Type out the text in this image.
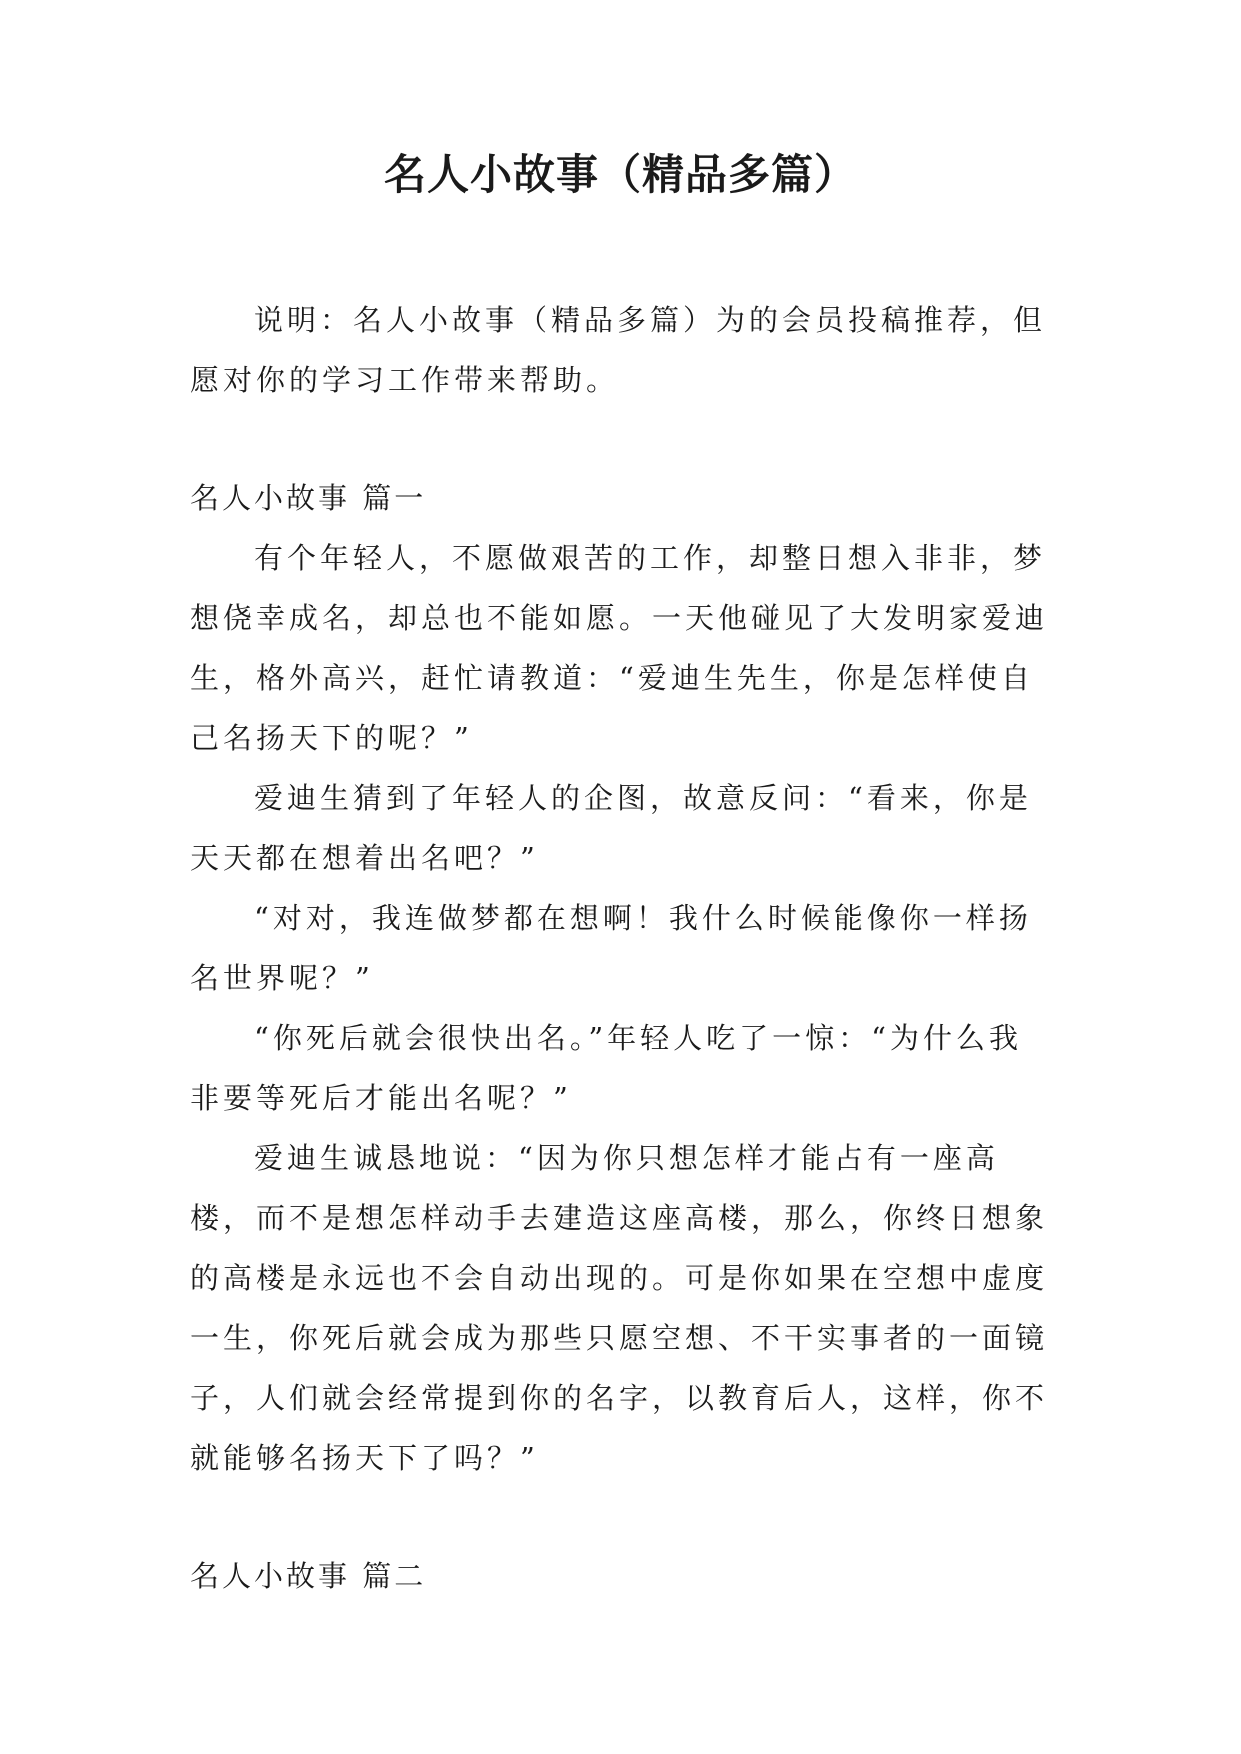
名人小故事（精品多篇）

说明：名人小故事（精品多篇）为的会员投稿推荐，但愿对你的学习工作带来帮助。

名人小故事 篇一

有个年轻人，不愿做艰苦的工作，却整日想入非非，梦想侥幸成名，却总也不能如愿。一天他碰见了大发明家爱迪生，格外高兴，赶忙请教道：“爱迪生先生，你是怎样使自己名扬天下的呢？”

爱迪生猜到了年轻人的企图，故意反问：“看来，你是天天都在想着出名吧？”

“对对，我连做梦都在想啊！我什么时候能像你一样扬名世界呢？”

“你死后就会很快出名。”年轻人吃了一惊：“为什么我非要等死后才能出名呢？”

爱迪生诚恳地说：“因为你只想怎样才能占有一座高楼，而不是想怎样动手去建造这座高楼，那么，你终日想象的高楼是永远也不会自动出现的。可是你如果在空想中虚度一生，你死后就会成为那些只愿空想、不干实事者的一面镜子，人们就会经常提到你的名字，以教育后人，这样，你不就能够名扬天下了吗？”

名人小故事 篇二
